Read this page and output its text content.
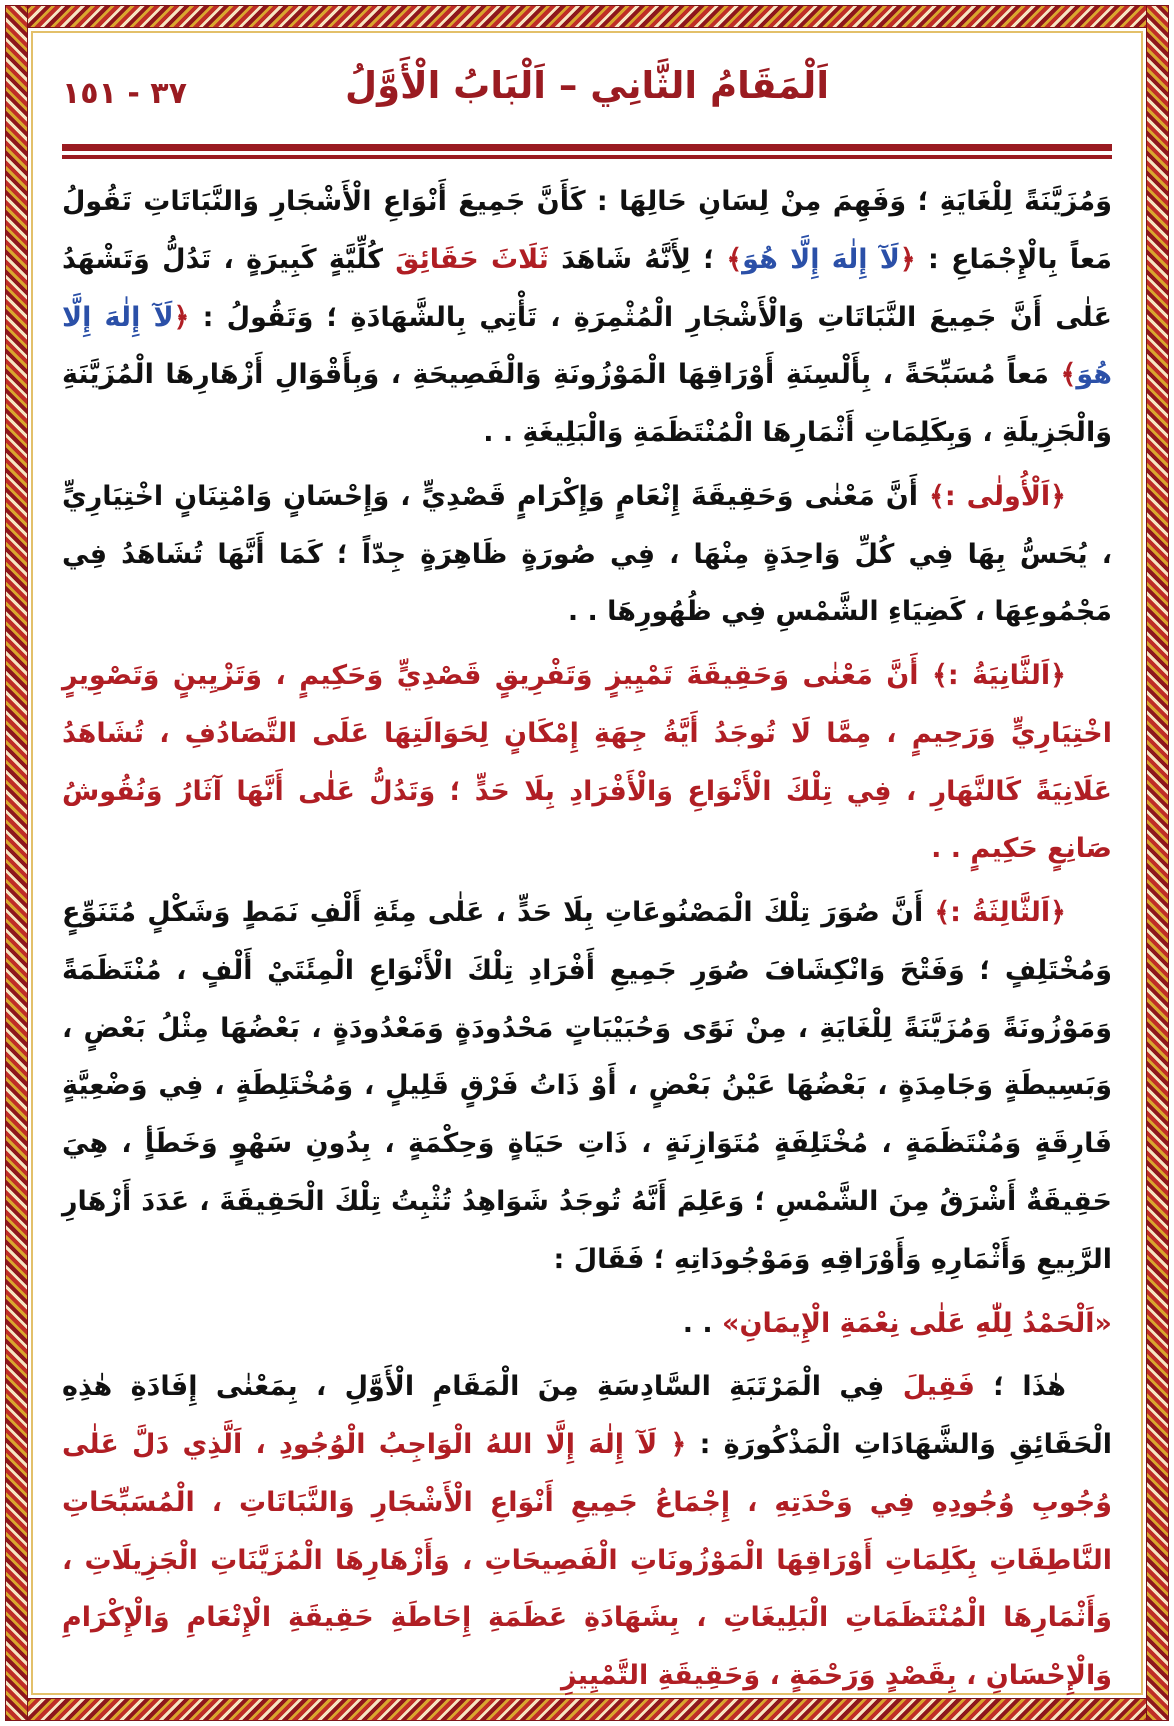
٣٧ - ١٥١	اَلْمَقَامُ الثَّانِي – اَلْبَابُ الْأَوَّلُ

وَمُزَيَّنَةً لِلْغَايَةِ ؛ وَفَهِمَ مِنْ لِسَانِ حَالِهَا : كَأَنَّ جَمِيعَ أَنْوَاعِ الْأَشْجَارِ وَالنَّبَاتَاتِ تَقُولُ مَعاً بِالْإِجْمَاعِ : ﴿لَآ إِلٰهَ إِلَّا هُوَ﴾ ؛ لِأَنَّهُ شَاهَدَ ثَلَاثَ حَقَائِقَ كُلِّيَّةٍ كَبِيرَةٍ ، تَدُلُّ وَتَشْهَدُ عَلٰى أَنَّ جَمِيعَ النَّبَاتَاتِ وَالْأَشْجَارِ الْمُثْمِرَةِ ، تَأْتِي بِالشَّهَادَةِ ؛ وَتَقُولُ : ﴿لَآ إِلٰهَ إِلَّا هُوَ﴾ مَعاً مُسَبِّحَةً ، بِأَلْسِنَةِ أَوْرَاقِهَا الْمَوْزُونَةِ وَالْفَصِيحَةِ ، وَبِأَقْوَالِ أَزْهَارِهَا الْمُزَيَّنَةِ وَالْجَزِيلَةِ ، وَبِكَلِمَاتِ أَثْمَارِهَا الْمُنْتَظَمَةِ وَالْبَلِيغَةِ . .

﴿اَلْأُولٰى :﴾ أَنَّ مَعْنٰى وَحَقِيقَةَ إِنْعَامٍ وَإِكْرَامٍ قَصْدِيٍّ ، وَإِحْسَانٍ وَامْتِنَانٍ اخْتِيَارِيٍّ ، يُحَسُّ بِهَا فِي كُلِّ وَاحِدَةٍ مِنْهَا ، فِي صُورَةٍ ظَاهِرَةٍ جِدّاً ؛ كَمَا أَنَّهَا تُشَاهَدُ فِي مَجْمُوعِهَا ، كَضِيَاءِ الشَّمْسِ فِي ظُهُورِهَا . .

﴿اَلثَّانِيَةُ :﴾ أَنَّ مَعْنٰى وَحَقِيقَةَ تَمْيِيزٍ وَتَفْرِيقٍ قَصْدِيٍّ وَحَكِيمٍ ، وَتَزْيِينٍ وَتَصْوِيرٍ اخْتِيَارِيٍّ وَرَحِيمٍ ، مِمَّا لَا تُوجَدُ أَيَّةُ جِهَةِ إِمْكَانٍ لِحَوَالَتِهَا عَلَى التَّصَادُفِ ، تُشَاهَدُ عَلَانِيَةً كَالنَّهَارِ ، فِي تِلْكَ الْأَنْوَاعِ وَالْأَفْرَادِ بِلَا حَدٍّ ؛ وَتَدُلُّ عَلٰى أَنَّهَا آثَارُ وَنُقُوشُ صَانِعٍ حَكِيمٍ . .

﴿اَلثَّالِثَةُ :﴾ أَنَّ صُوَرَ تِلْكَ الْمَصْنُوعَاتِ بِلَا حَدٍّ ، عَلٰى مِئَةِ أَلْفِ نَمَطٍ وَشَكْلٍ مُتَنَوِّعٍ وَمُخْتَلِفٍ ؛ وَفَتْحَ وَانْكِشَافَ صُوَرِ جَمِيعِ أَفْرَادِ تِلْكَ الْأَنْوَاعِ الْمِئَتَيْ أَلْفٍ ، مُنْتَظَمَةً وَمَوْزُونَةً وَمُزَيَّنَةً لِلْغَايَةِ ، مِنْ نَوًى وَحُبَيْبَاتٍ مَحْدُودَةٍ وَمَعْدُودَةٍ ، بَعْضُهَا مِثْلُ بَعْضٍ ، وَبَسِيطَةٍ وَجَامِدَةٍ ، بَعْضُهَا عَيْنُ بَعْضٍ ، أَوْ ذَاتُ فَرْقٍ قَلِيلٍ ، وَمُخْتَلِطَةٍ ، فِي وَضْعِيَّةٍ فَارِقَةٍ وَمُنْتَظَمَةٍ ، مُخْتَلِفَةٍ مُتَوَازِنَةٍ ، ذَاتِ حَيَاةٍ وَحِكْمَةٍ ، بِدُونِ سَهْوٍ وَخَطَأٍ ، هِيَ حَقِيقَةٌ أَشْرَقُ مِنَ الشَّمْسِ ؛ وَعَلِمَ أَنَّهُ تُوجَدُ شَوَاهِدُ تُثْبِتُ تِلْكَ الْحَقِيقَةَ ، عَدَدَ أَزْهَارِ الرَّبِيعِ وَأَثْمَارِهِ وَأَوْرَاقِهِ وَمَوْجُودَاتِهِ ؛ فَقَالَ :

«اَلْحَمْدُ لِلّٰهِ عَلٰى نِعْمَةِ الْإِيمَانِ» . .

هٰذَا ؛ فَقِيلَ فِي الْمَرْتَبَةِ السَّادِسَةِ مِنَ الْمَقَامِ الْأَوَّلِ ، بِمَعْنٰى إِفَادَةِ هٰذِهِ الْحَقَائِقِ وَالشَّهَادَاتِ الْمَذْكُورَةِ : ﴿ لَآ إِلٰهَ إِلَّا اللهُ الْوَاجِبُ الْوُجُودِ ، اَلَّذِي دَلَّ عَلٰى وُجُوبِ وُجُودِهِ فِي وَحْدَتِهِ ، إِجْمَاعُ جَمِيعِ أَنْوَاعِ الْأَشْجَارِ وَالنَّبَاتَاتِ ، الْمُسَبِّحَاتِ النَّاطِقَاتِ بِكَلِمَاتِ أَوْرَاقِهَا الْمَوْزُونَاتِ الْفَصِيحَاتِ ، وَأَزْهَارِهَا الْمُزَيَّنَاتِ الْجَزِيلَاتِ ، وَأَثْمَارِهَا الْمُنْتَظَمَاتِ الْبَلِيغَاتِ ، بِشَهَادَةِ عَظَمَةِ إِحَاطَةِ حَقِيقَةِ الْإِنْعَامِ وَالْإِكْرَامِ وَالْإِحْسَانِ ، بِقَصْدٍ وَرَحْمَةٍ ، وَحَقِيقَةِ التَّمْيِيزِ
